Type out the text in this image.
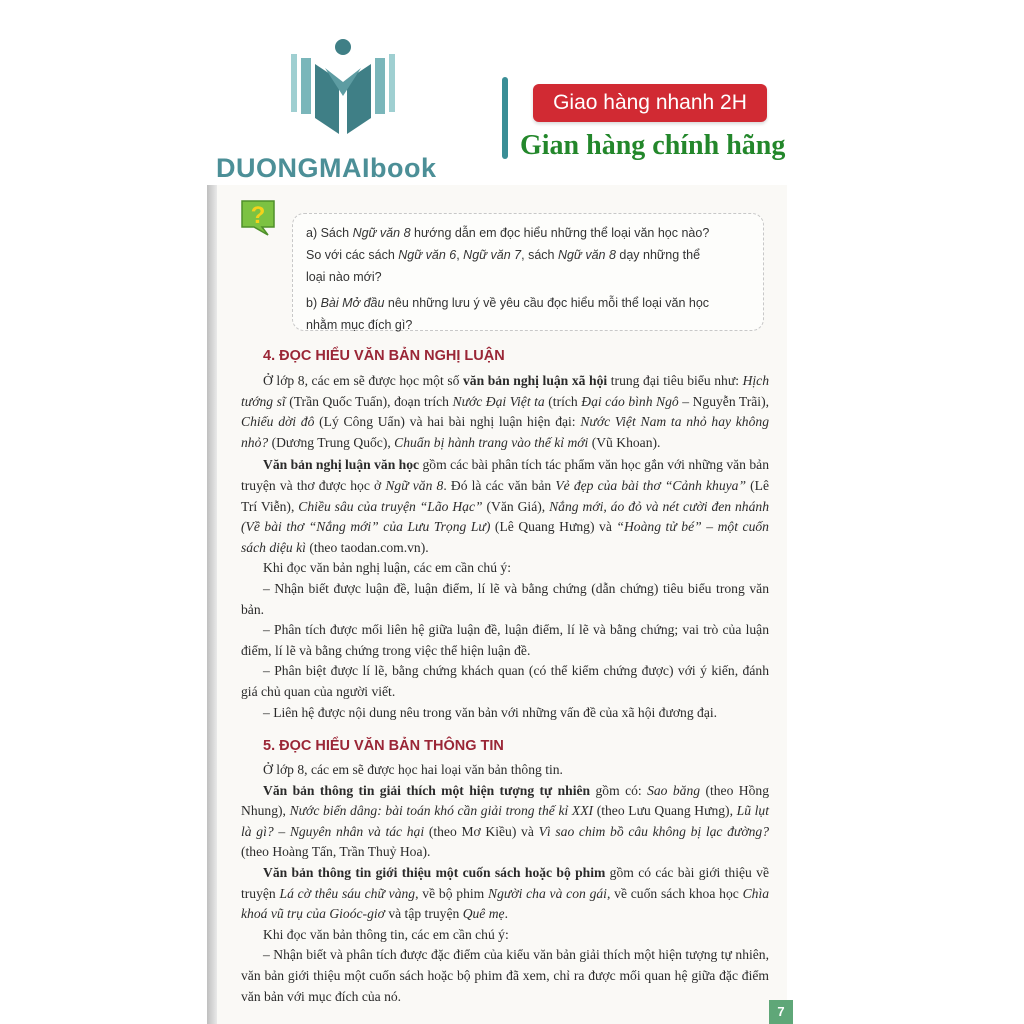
DUONGMAIbook
Giao hàng nhanh 2H
Gian hàng chính hãng
?

a) Sách Ngữ văn 8 hướng dẫn em đọc hiểu những thể loại văn học nào?

So với các sách Ngữ văn 6, Ngữ văn 7, sách Ngữ văn 8 dạy những thể

loại nào mới?

b) Bài Mở đầu nêu những lưu ý về yêu cầu đọc hiểu mỗi thể loại văn học

nhằm mục đích gì?

4. ĐỌC HIỂU VĂN BẢN NGHỊ LUẬN

Ở lớp 8, các em sẽ được học một số văn bản nghị luận xã hội trung đại tiêu biểu như: Hịch tướng sĩ (Trần Quốc Tuấn), đoạn trích Nước Đại Việt ta (trích Đại cáo bình Ngô – Nguyễn Trãi), Chiếu dời đô (Lý Công Uẩn) và hai bài nghị luận hiện đại: Nước Việt Nam ta nhỏ hay không nhỏ? (Dương Trung Quốc), Chuẩn bị hành trang vào thế kỉ mới (Vũ Khoan).

Văn bản nghị luận văn học gồm các bài phân tích tác phẩm văn học gắn với những văn bản truyện và thơ được học ở Ngữ văn 8. Đó là các văn bản Vẻ đẹp của bài thơ “Cảnh khuya” (Lê Trí Viễn), Chiều sâu của truyện “Lão Hạc” (Văn Giá), Nắng mới, áo đỏ và nét cười đen nhánh (Về bài thơ “Nắng mới” của Lưu Trọng Lư) (Lê Quang Hưng) và “Hoàng tử bé” – một cuốn sách diệu kì (theo taodan.com.vn).

Khi đọc văn bản nghị luận, các em cần chú ý:

– Nhận biết được luận đề, luận điểm, lí lẽ và bằng chứng (dẫn chứng) tiêu biểu trong văn bản.

– Phân tích được mối liên hệ giữa luận đề, luận điểm, lí lẽ và bằng chứng; vai trò của luận điểm, lí lẽ và bằng chứng trong việc thể hiện luận đề.

– Phân biệt được lí lẽ, bằng chứng khách quan (có thể kiểm chứng được) với ý kiến, đánh giá chủ quan của người viết.

– Liên hệ được nội dung nêu trong văn bản với những vấn đề của xã hội đương đại.

5. ĐỌC HIỂU VĂN BẢN THÔNG TIN

Ở lớp 8, các em sẽ được học hai loại văn bản thông tin.

Văn bản thông tin giải thích một hiện tượng tự nhiên gồm có: Sao băng (theo Hồng Nhung), Nước biển dâng: bài toán khó cần giải trong thế kỉ XXI (theo Lưu Quang Hưng), Lũ lụt là gì? – Nguyên nhân và tác hại (theo Mơ Kiều) và Vì sao chim bồ câu không bị lạc đường? (theo Hoàng Tấn, Trần Thuỷ Hoa).

Văn bản thông tin giới thiệu một cuốn sách hoặc bộ phim gồm có các bài giới thiệu về truyện Lá cờ thêu sáu chữ vàng, về bộ phim Người cha và con gái, về cuốn sách khoa học Chìa khoá vũ trụ của Gioóc-giơ và tập truyện Quê mẹ.

Khi đọc văn bản thông tin, các em cần chú ý:

– Nhận biết và phân tích được đặc điểm của kiểu văn bản giải thích một hiện tượng tự nhiên, văn bản giới thiệu một cuốn sách hoặc bộ phim đã xem, chỉ ra được mối quan hệ giữa đặc điểm văn bản với mục đích của nó.

7
